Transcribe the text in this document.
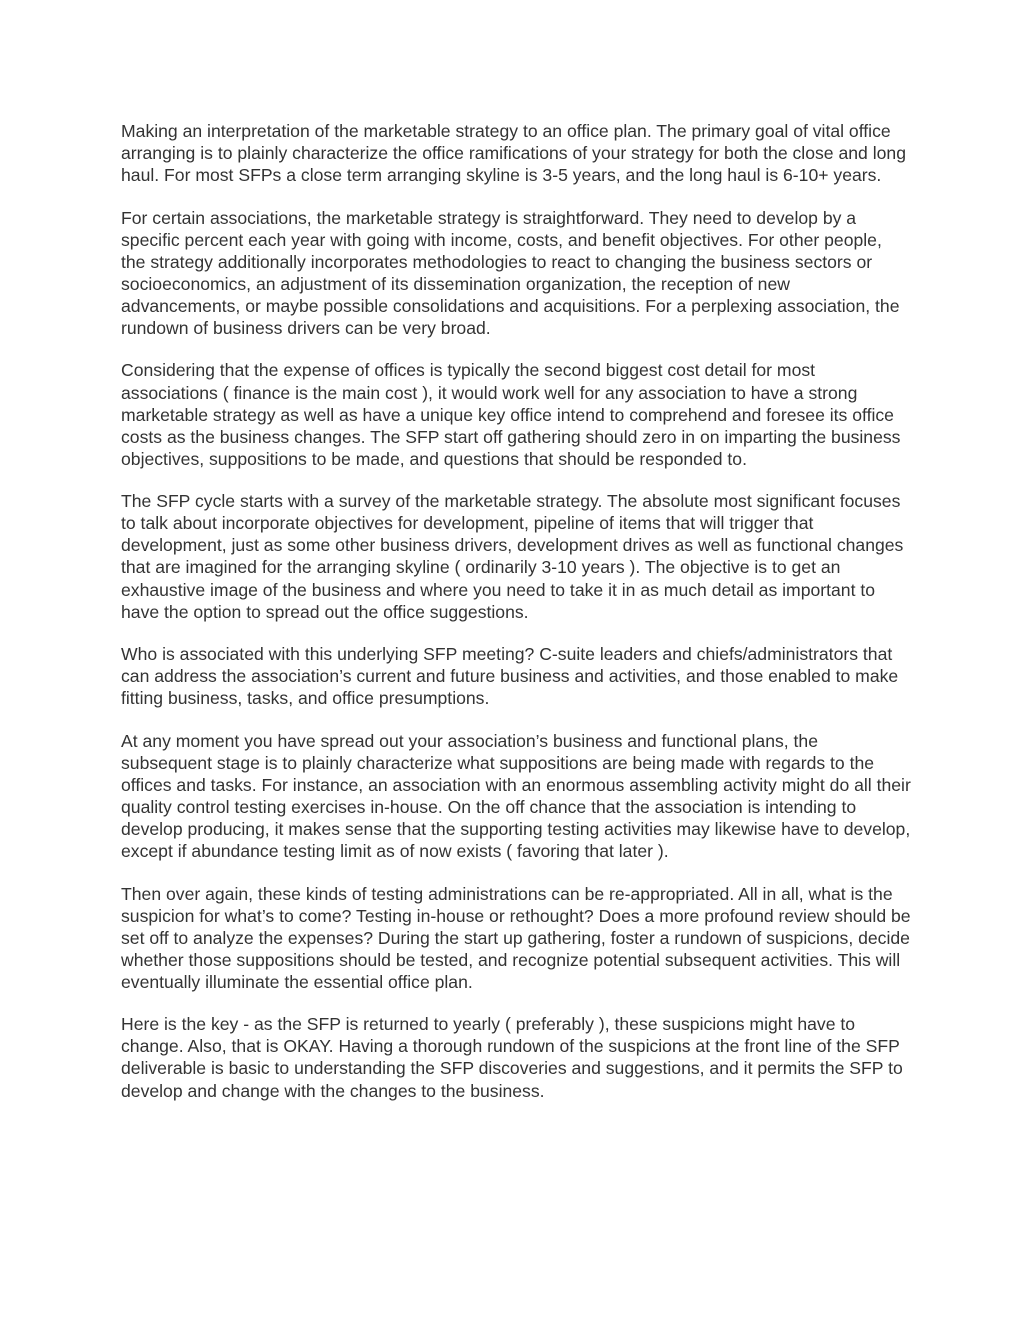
Making an interpretation of the marketable strategy to an office plan. The primary goal of vital office arranging is to plainly characterize the office ramifications of your strategy for both the close and long haul. For most SFPs a close term arranging skyline is 3-5 years, and the long haul is 6-10+ years.

For certain associations, the marketable strategy is straightforward. They need to develop by a specific percent each year with going with income, costs, and benefit objectives. For other people, the strategy additionally incorporates methodologies to react to changing the business sectors or socioeconomics, an adjustment of its dissemination organization, the reception of new advancements, or maybe possible consolidations and acquisitions. For a perplexing association, the rundown of business drivers can be very broad.

Considering that the expense of offices is typically the second biggest cost detail for most associations ( finance is the main cost ), it would work well for any association to have a strong marketable strategy as well as have a unique key office intend to comprehend and foresee its office costs as the business changes. The SFP start off gathering should zero in on imparting the business objectives, suppositions to be made, and questions that should be responded to.

The SFP cycle starts with a survey of the marketable strategy. The absolute most significant focuses to talk about incorporate objectives for development, pipeline of items that will trigger that development, just as some other business drivers, development drives as well as functional changes that are imagined for the arranging skyline ( ordinarily 3-10 years ). The objective is to get an exhaustive image of the business and where you need to take it in as much detail as important to have the option to spread out the office suggestions.

Who is associated with this underlying SFP meeting? C-suite leaders and chiefs/administrators that can address the association’s current and future business and activities, and those enabled to make fitting business, tasks, and office presumptions.

At any moment you have spread out your association’s business and functional plans, the subsequent stage is to plainly characterize what suppositions are being made with regards to the offices and tasks. For instance, an association with an enormous assembling activity might do all their quality control testing exercises in-house. On the off chance that the association is intending to develop producing, it makes sense that the supporting testing activities may likewise have to develop, except if abundance testing limit as of now exists ( favoring that later ).

Then over again, these kinds of testing administrations can be re-appropriated. All in all, what is the suspicion for what’s to come? Testing in-house or rethought? Does a more profound review should be set off to analyze the expenses? During the start up gathering, foster a rundown of suspicions, decide whether those suppositions should be tested, and recognize potential subsequent activities. This will eventually illuminate the essential office plan.

Here is the key - as the SFP is returned to yearly ( preferably ), these suspicions might have to change. Also, that is OKAY. Having a thorough rundown of the suspicions at the front line of the SFP deliverable is basic to understanding the SFP discoveries and suggestions, and it permits the SFP to develop and change with the changes to the business.
